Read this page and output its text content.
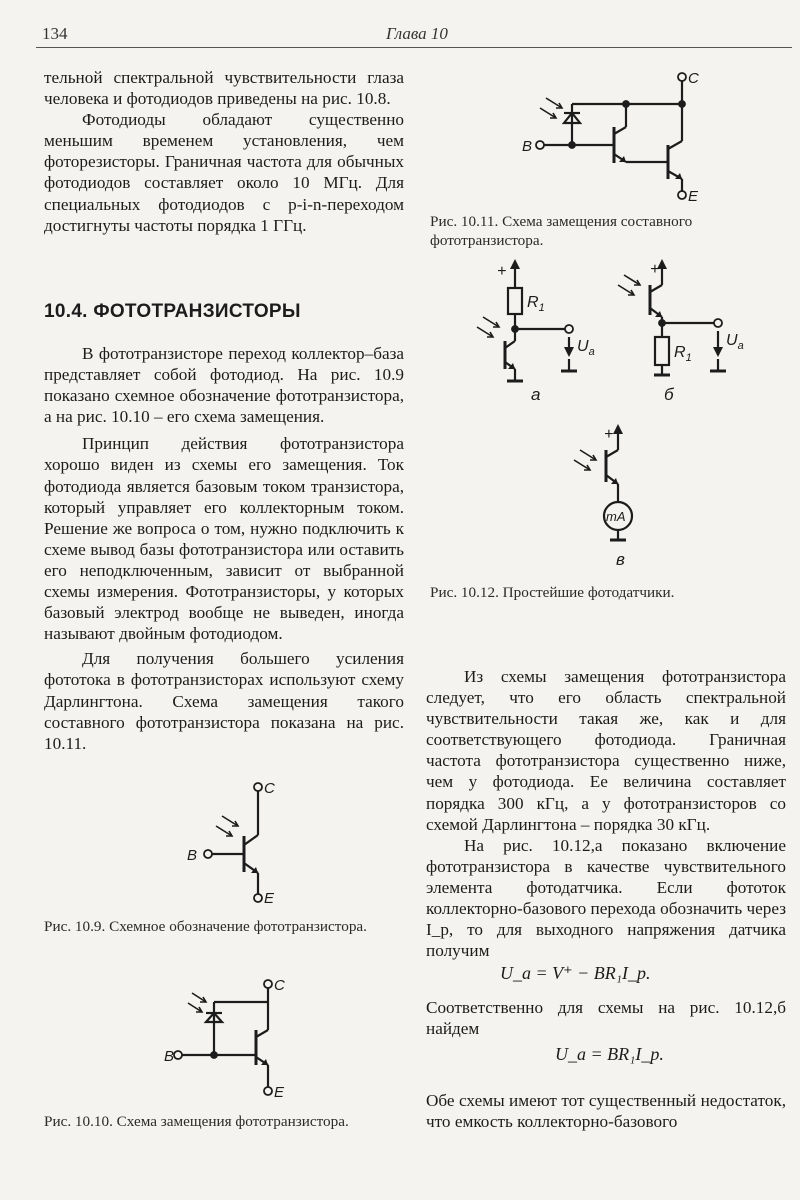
134	Глава 10

тельной спектральной чувствительности глаза человека и фотодиодов приведены на рис. 10.8.

Фотодиоды обладают существенно меньшим временем установления, чем фоторезисторы. Граничная частота для обычных фотодиодов составляет около 10 МГц. Для специальных фотодиодов с p-i-n-переходом достигнуты частоты порядка 1 ГГц.

10.4. ФОТОТРАНЗИСТОРЫ

В фототранзисторе переход коллектор–база представляет собой фотодиод. На рис. 10.9 показано схемное обозначение фототранзистора, а на рис. 10.10 – его схема замещения.

Принцип действия фототранзистора хорошо виден из схемы его замещения. Ток фотодиода является базовым током транзистора, который управляет его коллекторным током. Решение же вопроса о том, нужно подключить к схеме вывод базы фототранзистора или оставить его неподключенным, зависит от выбранной схемы измерения. Фототранзисторы, у которых базовый электрод вообще не выведен, иногда называют двойным фотодиодом.

Для получения большего усиления фототока в фототранзисторах используют схему Дарлингтона. Схема замещения такого составного фототранзистора показана на рис. 10.11.

C
B
E
Рис. 10.9. Схемное обозначение фототранзистора.
C
B
E
Рис. 10.10. Схема замещения фототранзистора.
C
B
E
Рис. 10.11. Схема замещения составного фототранзистора.
+
$R_1$
$U_a$
а
+
$U_a$
$R_1$
б
+
mA
в
Рис. 10.12. Простейшие фотодатчики.

Из схемы замещения фототранзистора следует, что его область спектральной чувствительности такая же, как и для соответствующего фотодиода. Граничная частота фототранзистора существенно ниже, чем у фотодиода. Ее величина составляет порядка 300 кГц, а у фототранзисторов со схемой Дарлингтона – порядка 30 кГц.

На рис. 10.12,а показано включение фототранзистора в качестве чувствительного элемента фотодатчика. Если фототок коллекторно-базового перехода обозначить через I_p, то для выходного напряжения датчика получим

U_a = V⁺ − BR₁I_p.

Соответственно для схемы на рис. 10.12,б найдем

U_a = BR₁I_p.

Обе схемы имеют тот существенный недостаток, что емкость коллекторно-базового
